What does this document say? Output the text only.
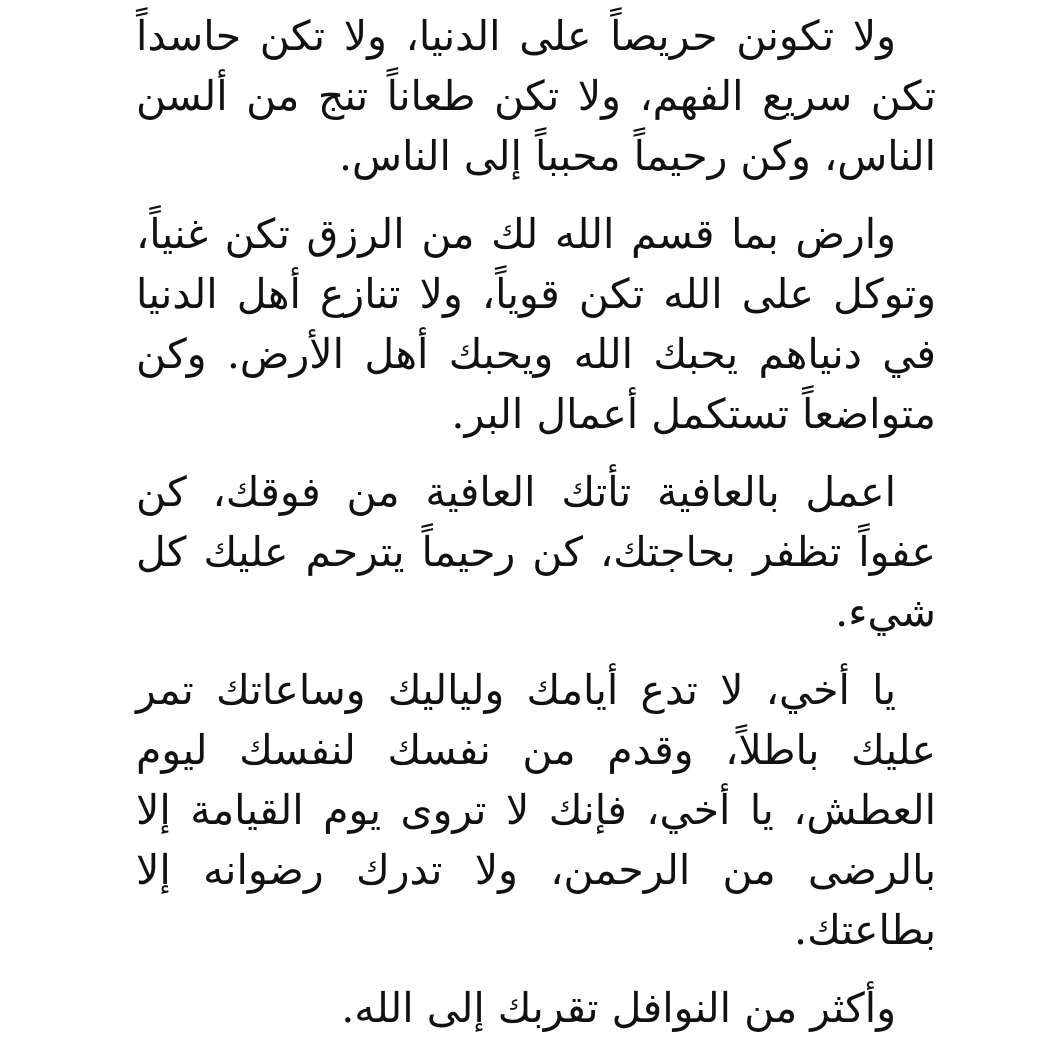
ولا تكونن حريصاً على الدنيا، ولا تكن حاسداً تكن سريع الفهم، ولا تكن طعاناً تنج من ألسن الناس، وكن رحيماً محبباً إلى الناس.

وارض بما قسم الله لك من الرزق تكن غنياً، وتوكل على الله تكن قوياً، ولا تنازع أهل الدنيا في دنياهم يحبك الله ويحبك أهل الأرض. وكن متواضعاً تستكمل أعمال البر.

اعمل بالعافية تأتك العافية من فوقك، كن عفواً تظفر بحاجتك، كن رحيماً يترحم عليك كل شيء.

يا أخي، لا تدع أيامك ولياليك وساعاتك تمر عليك باطلاً، وقدم من نفسك لنفسك ليوم العطش، يا أخي، فإنك لا تروى يوم القيامة إلا بالرضى من الرحمن، ولا تدرك رضوانه إلا بطاعتك.

وأكثر من النوافل تقربك إلى الله.
